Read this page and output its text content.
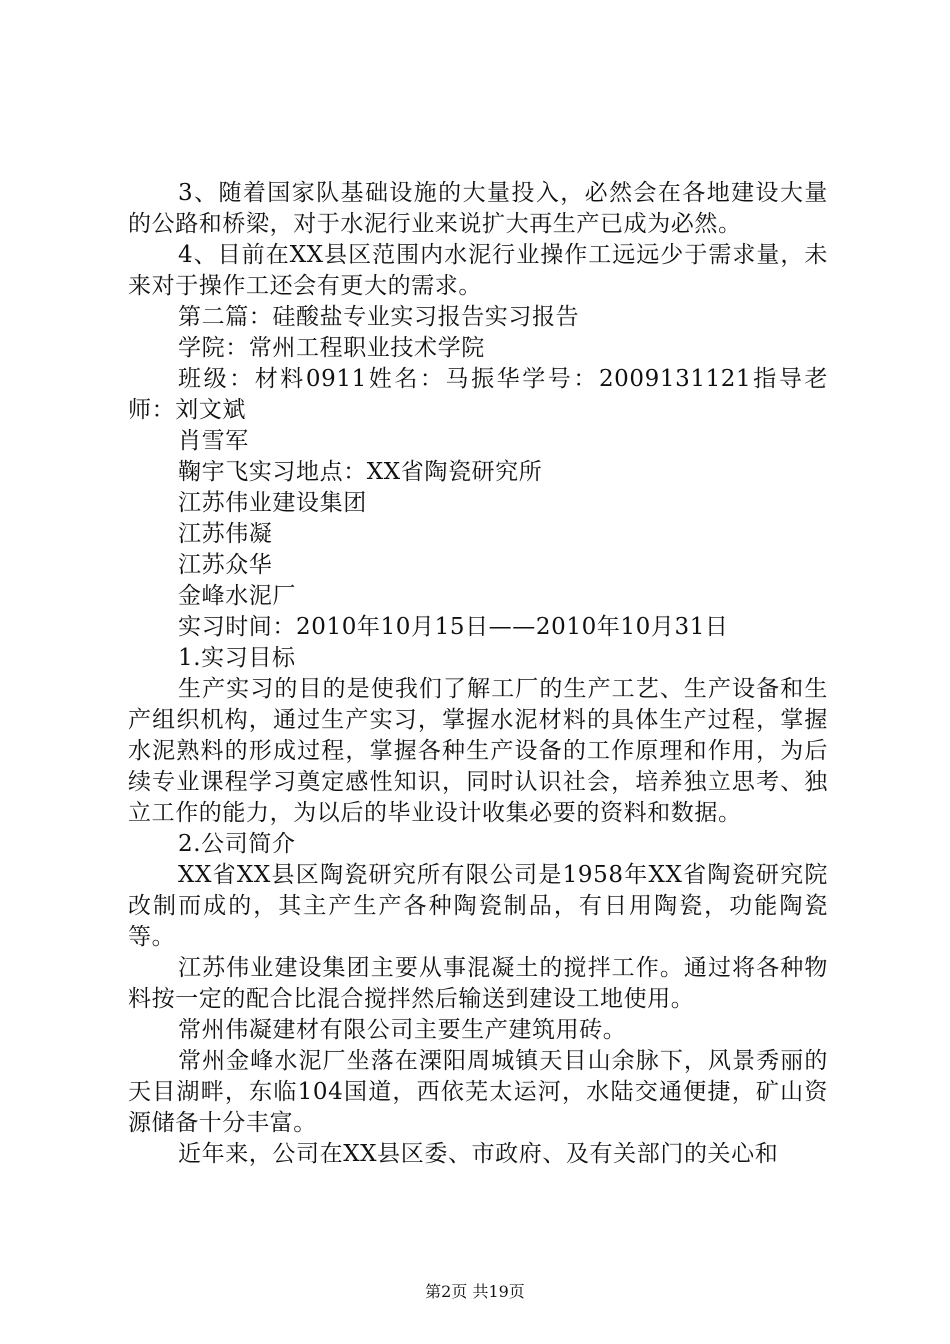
3、随着国家队基础设施的大量投入，必然会在各地建设大量的公路和桥梁，对于水泥行业来说扩大再生产已成为必然。

4、目前在XX县区范围内水泥行业操作工远远少于需求量，未来对于操作工还会有更大的需求。

第二篇：硅酸盐专业实习报告实习报告

学院：常州工程职业技术学院

班级：材料0911姓名：马振华学号：2009131121指导老师：刘文斌

肖雪军

鞠宇飞实习地点：XX省陶瓷研究所

江苏伟业建设集团

江苏伟凝

江苏众华

金峰水泥厂

实习时间：2010年10月15日——2010年10月31日

1.实习目标

生产实习的目的是使我们了解工厂的生产工艺、生产设备和生产组织机构，通过生产实习，掌握水泥材料的具体生产过程，掌握水泥熟料的形成过程，掌握各种生产设备的工作原理和作用，为后续专业课程学习奠定感性知识，同时认识社会，培养独立思考、独立工作的能力，为以后的毕业设计收集必要的资料和数据。

2.公司简介

XX省XX县区陶瓷研究所有限公司是1958年XX省陶瓷研究院改制而成的，其主产生产各种陶瓷制品，有日用陶瓷，功能陶瓷等。

江苏伟业建设集团主要从事混凝土的搅拌工作。通过将各种物料按一定的配合比混合搅拌然后输送到建设工地使用。

常州伟凝建材有限公司主要生产建筑用砖。

常州金峰水泥厂坐落在溧阳周城镇天目山余脉下，风景秀丽的天目湖畔，东临104国道，西依芜太运河，水陆交通便捷，矿山资源储备十分丰富。

近年来，公司在XX县区委、市政府、及有关部门的关心和

第2页 共19页
